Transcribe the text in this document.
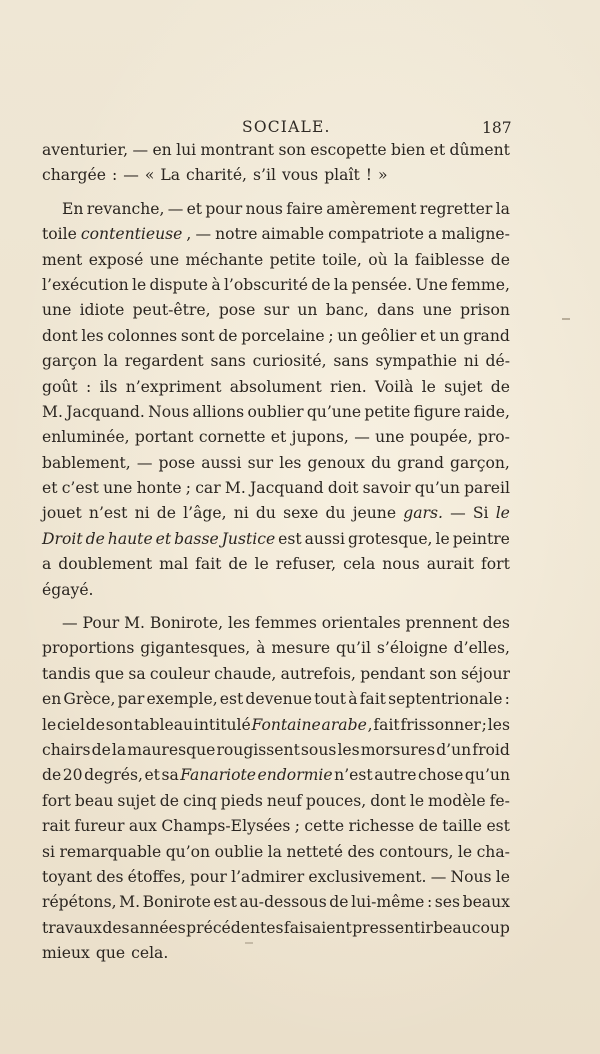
SOCIALE.	187
aventurier, — en lui montrant son escopette bien et dûment
chargée : — « La charité, s’il vous plaît ! »
En revanche, — et pour nous faire amèrement regretter la
toile contentieuse , — notre aimable compatriote a maligne-
ment exposé une méchante petite toile, où la faiblesse de
l’exécution le dispute à l’obscurité de la pensée. Une femme,
une idiote peut-être, pose sur un banc, dans une prison
dont les colonnes sont de porcelaine ; un geôlier et un grand
garçon la regardent sans curiosité, sans sympathie ni dé-
goût : ils n’expriment absolument rien. Voilà le sujet de
M. Jacquand. Nous allions oublier qu’une petite figure raide,
enluminée, portant cornette et jupons, — une poupée, pro-
bablement, — pose aussi sur les genoux du grand garçon,
et c’est une honte ; car M. Jacquand doit savoir qu’un pareil
jouet n’est ni de l’âge, ni du sexe du jeune gars. — Si le
Droit de haute et basse Justice est aussi grotesque, le peintre
a doublement mal fait de le refuser, cela nous aurait fort
égayé.
— Pour M. Bonirote, les femmes orientales prennent des
proportions gigantesques, à mesure qu’il s’éloigne d’elles,
tandis que sa couleur chaude, autrefois, pendant son séjour
en Grèce, par exemple, est devenue tout à fait septentrionale :
le ciel de son tableau intitulé Fontaine arabe , fait frissonner ; les
chairs de la mauresque rougissent sous les morsures d’un froid
de 20 degrés, et sa Fanariote endormie n’est autre chose qu’un
fort beau sujet de cinq pieds neuf pouces, dont le modèle fe-
rait fureur aux Champs-Elysées ; cette richesse de taille est
si remarquable qu’on oublie la netteté des contours, le cha-
toyant des étoffes, pour l’admirer exclusivement. — Nous le
répétons, M. Bonirote est au-dessous de lui-même : ses beaux
travaux des années précédentes faisaient pressentir beaucoup
mieux que cela.
